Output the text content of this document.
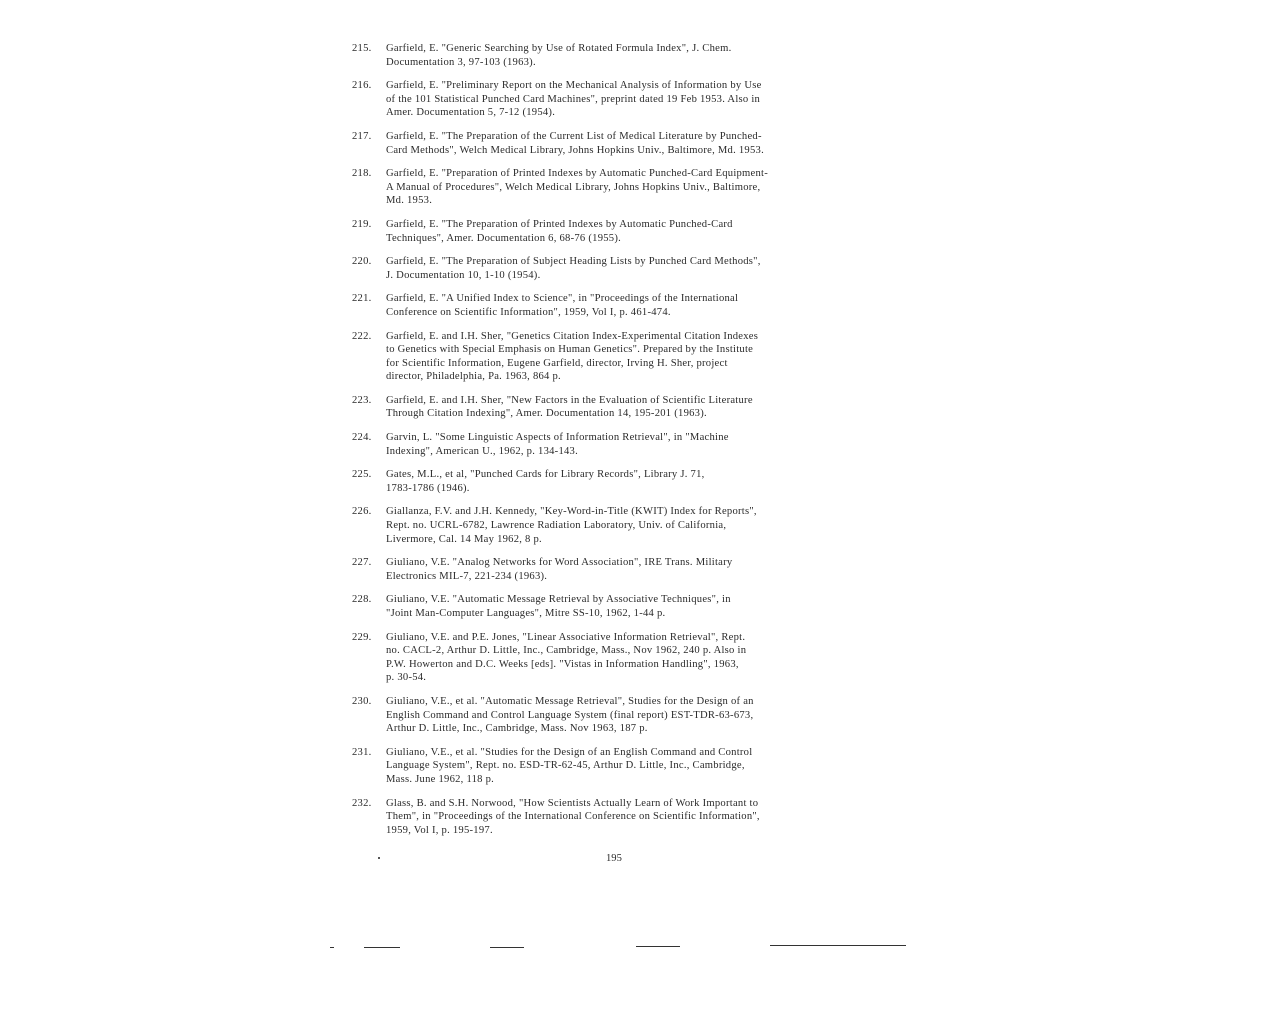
215.	Garfield, E. "Generic Searching by Use of Rotated Formula Index", J. Chem.
Documentation 3, 97-103 (1963).
216.	Garfield, E. "Preliminary Report on the Mechanical Analysis of Information by Use
of the 101 Statistical Punched Card Machines", preprint dated 19 Feb 1953. Also in
Amer. Documentation 5, 7-12 (1954).
217.	Garfield, E. "The Preparation of the Current List of Medical Literature by Punched-
Card Methods", Welch Medical Library, Johns Hopkins Univ., Baltimore, Md. 1953.
218.	Garfield, E. "Preparation of Printed Indexes by Automatic Punched-Card Equipment-
A Manual of Procedures", Welch Medical Library, Johns Hopkins Univ., Baltimore,
Md. 1953.
219.	Garfield, E. "The Preparation of Printed Indexes by Automatic Punched-Card
Techniques", Amer. Documentation 6, 68-76 (1955).
220.	Garfield, E. "The Preparation of Subject Heading Lists by Punched Card Methods",
J. Documentation 10, 1-10 (1954).
221.	Garfield, E. "A Unified Index to Science", in "Proceedings of the International
Conference on Scientific Information", 1959, Vol I, p. 461-474.
222.	Garfield, E. and I.H. Sher, "Genetics Citation Index-Experimental Citation Indexes
to Genetics with Special Emphasis on Human Genetics". Prepared by the Institute
for Scientific Information, Eugene Garfield, director, Irving H. Sher, project
director, Philadelphia, Pa. 1963, 864 p.
223.	Garfield, E. and I.H. Sher, "New Factors in the Evaluation of Scientific Literature
Through Citation Indexing", Amer. Documentation 14, 195-201 (1963).
224.	Garvin, L. "Some Linguistic Aspects of Information Retrieval", in "Machine
Indexing", American U., 1962, p. 134-143.
225.	Gates, M.L., et al, "Punched Cards for Library Records", Library J. 71,
1783-1786 (1946).
226.	Giallanza, F.V. and J.H. Kennedy, "Key-Word-in-Title (KWIT) Index for Reports",
Rept. no. UCRL-6782, Lawrence Radiation Laboratory, Univ. of California,
Livermore, Cal. 14 May 1962, 8 p.
227.	Giuliano, V.E. "Analog Networks for Word Association", IRE Trans. Military
Electronics MIL-7, 221-234 (1963).
228.	Giuliano, V.E. "Automatic Message Retrieval by Associative Techniques", in
"Joint Man-Computer Languages", Mitre SS-10, 1962, 1-44 p.
229.	Giuliano, V.E. and P.E. Jones, "Linear Associative Information Retrieval", Rept.
no. CACL-2, Arthur D. Little, Inc., Cambridge, Mass., Nov 1962, 240 p. Also in
P.W. Howerton and D.C. Weeks [eds]. "Vistas in Information Handling", 1963,
p. 30-54.
230.	Giuliano, V.E., et al. "Automatic Message Retrieval", Studies for the Design of an
English Command and Control Language System (final report) EST-TDR-63-673,
Arthur D. Little, Inc., Cambridge, Mass. Nov 1963, 187 p.
231.	Giuliano, V.E., et al. "Studies for the Design of an English Command and Control
Language System", Rept. no. ESD-TR-62-45, Arthur D. Little, Inc., Cambridge,
Mass. June 1962, 118 p.
232.	Glass, B. and S.H. Norwood, "How Scientists Actually Learn of Work Important to
Them", in "Proceedings of the International Conference on Scientific Information",
1959, Vol I, p. 195-197.
195
